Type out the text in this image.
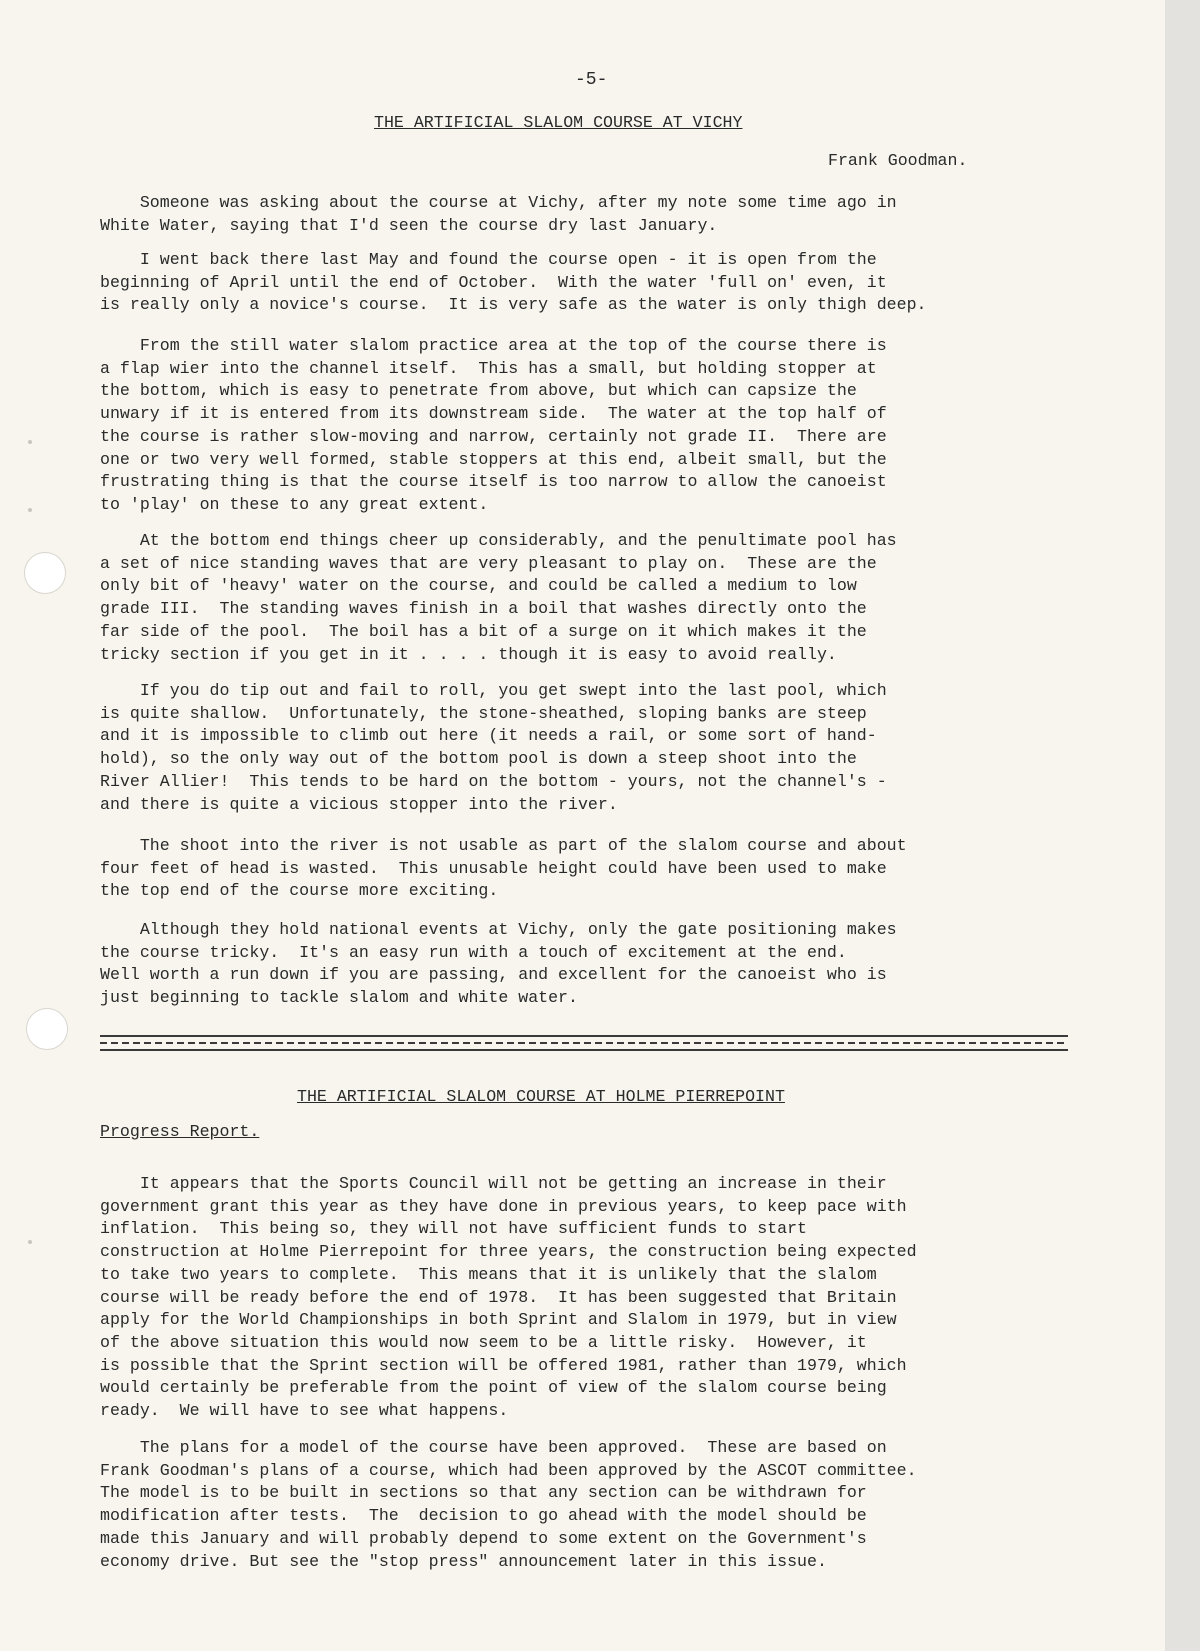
-5-
THE ARTIFICIAL SLALOM COURSE AT VICHY
Frank Goodman.
Someone was asking about the course at Vichy, after my note some time ago in
White Water, saying that I'd seen the course dry last January.
I went back there last May and found the course open - it is open from the
beginning of April until the end of October.  With the water 'full on' even, it
is really only a novice's course.  It is very safe as the water is only thigh deep.
From the still water slalom practice area at the top of the course there is
a flap wier into the channel itself.  This has a small, but holding stopper at
the bottom, which is easy to penetrate from above, but which can capsize the
unwary if it is entered from its downstream side.  The water at the top half of
the course is rather slow-moving and narrow, certainly not grade II.  There are
one or two very well formed, stable stoppers at this end, albeit small, but the
frustrating thing is that the course itself is too narrow to allow the canoeist
to 'play' on these to any great extent.
At the bottom end things cheer up considerably, and the penultimate pool has
a set of nice standing waves that are very pleasant to play on.  These are the
only bit of 'heavy' water on the course, and could be called a medium to low
grade III.  The standing waves finish in a boil that washes directly onto the
far side of the pool.  The boil has a bit of a surge on it which makes it the
tricky section if you get in it . . . . though it is easy to avoid really.
If you do tip out and fail to roll, you get swept into the last pool, which
is quite shallow.  Unfortunately, the stone-sheathed, sloping banks are steep
and it is impossible to climb out here (it needs a rail, or some sort of hand-
hold), so the only way out of the bottom pool is down a steep shoot into the
River Allier!  This tends to be hard on the bottom - yours, not the channel's -
and there is quite a vicious stopper into the river.
The shoot into the river is not usable as part of the slalom course and about
four feet of head is wasted.  This unusable height could have been used to make
the top end of the course more exciting.
Although they hold national events at Vichy, only the gate positioning makes
the course tricky.  It's an easy run with a touch of excitement at the end.
Well worth a run down if you are passing, and excellent for the canoeist who is
just beginning to tackle slalom and white water.
THE ARTIFICIAL SLALOM COURSE AT HOLME PIERREPOINT
Progress Report.
It appears that the Sports Council will not be getting an increase in their
government grant this year as they have done in previous years, to keep pace with
inflation.  This being so, they will not have sufficient funds to start
construction at Holme Pierrepoint for three years, the construction being expected
to take two years to complete.  This means that it is unlikely that the slalom
course will be ready before the end of 1978.  It has been suggested that Britain
apply for the World Championships in both Sprint and Slalom in 1979, but in view
of the above situation this would now seem to be a little risky.  However, it
is possible that the Sprint section will be offered 1981, rather than 1979, which
would certainly be preferable from the point of view of the slalom course being
ready.  We will have to see what happens.
The plans for a model of the course have been approved.  These are based on
Frank Goodman's plans of a course, which had been approved by the ASCOT committee.
The model is to be built in sections so that any section can be withdrawn for
modification after tests.  The  decision to go ahead with the model should be
made this January and will probably depend to some extent on the Government's
economy drive. But see the "stop press" announcement later in this issue.
